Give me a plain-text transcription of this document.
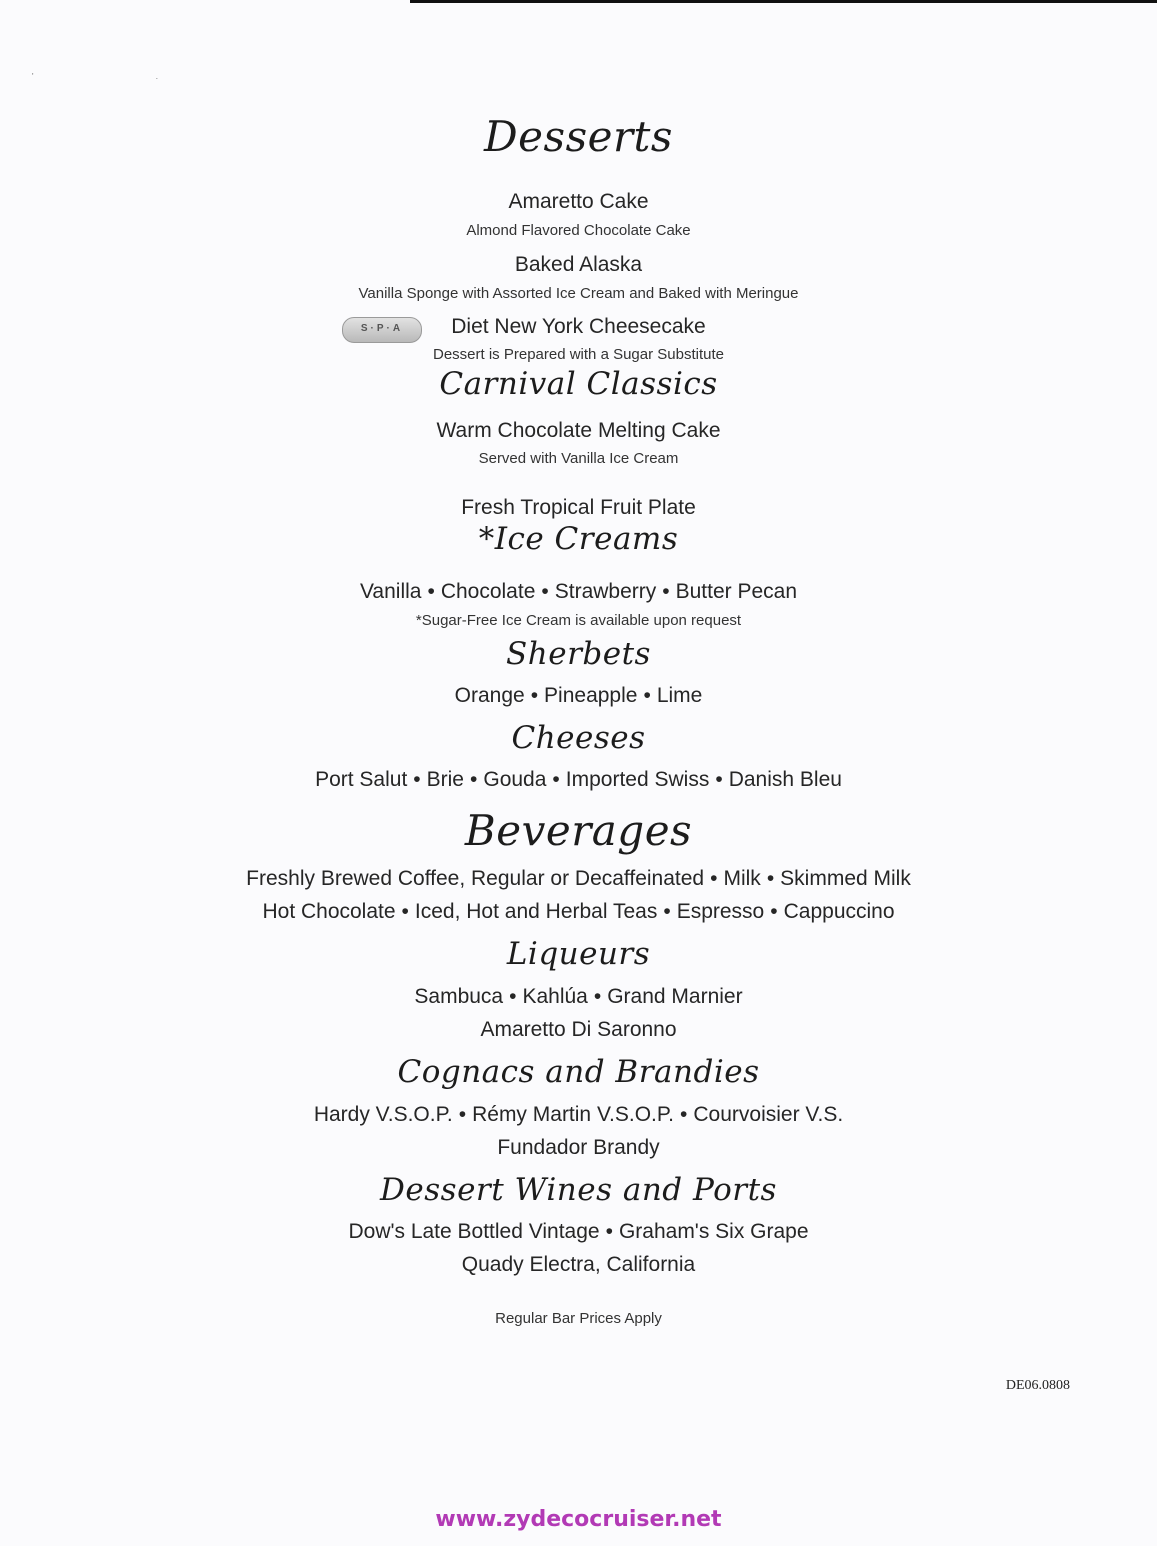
' .
Desserts
Amaretto Cake
Almond Flavored Chocolate Cake
Baked Alaska
Vanilla Sponge with Assorted Ice Cream and Baked with Meringue
S·P·A	Diet New York Cheesecake
Dessert is Prepared with a Sugar Substitute
Carnival Classics
Warm Chocolate Melting Cake
Served with Vanilla Ice Cream
Fresh Tropical Fruit Plate
*Ice Creams
Vanilla • Chocolate • Strawberry • Butter Pecan
*Sugar-Free Ice Cream is available upon request
Sherbets
Orange • Pineapple • Lime
Cheeses
Port Salut • Brie • Gouda • Imported Swiss • Danish Bleu
Beverages
Freshly Brewed Coffee, Regular or Decaffeinated • Milk • Skimmed Milk
Hot Chocolate • Iced, Hot and Herbal Teas • Espresso • Cappuccino
Liqueurs
Sambuca • Kahlúa • Grand Marnier
Amaretto Di Saronno
Cognacs and Brandies
Hardy V.S.O.P. • Rémy Martin V.S.O.P. • Courvoisier V.S.
Fundador Brandy
Dessert Wines and Ports
Dow's Late Bottled Vintage • Graham's Six Grape
Quady Electra, California
Regular Bar Prices Apply
DE06.0808
www.zydecocruiser.net
